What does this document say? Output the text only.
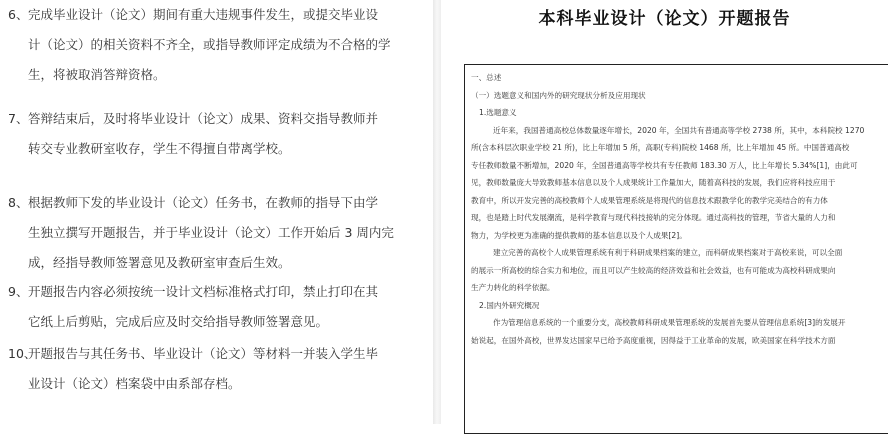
6、完成毕业设计（论文）期间有重大违规事件发生，或提交毕业设
计（论文）的相关资料不齐全，或指导教师评定成绩为不合格的学
生，将被取消答辩资格。
7、答辩结束后，及时将毕业设计（论文）成果、资料交指导教师并
转交专业教研室收存，学生不得擅自带离学校。
8、根据教师下发的毕业设计（论文）任务书，在教师的指导下由学
生独立撰写开题报告，并于毕业设计（论文）工作开始后 3 周内完
成，经指导教师签署意见及教研室审查后生效。
9、开题报告内容必须按统一设计文档标准格式打印，禁止打印在其
它纸上后剪贴，完成后应及时交给指导教师签署意见。
10、开题报告与其任务书、毕业设计（论文）等材料一并装入学生毕
业设计（论文）档案袋中由系部存档。
本科毕业设计（论文）开题报告
一、总述
（一）选题意义和国内外的研究现状分析及应用现状
1.选题意义
近年来，我国普通高校总体数量逐年增长，2020 年，全国共有普通高等学校 2738 所，其中，本科院校 1270
所(含本科层次职业学校 21 所)，比上年增加 5 所，高职(专科)院校 1468 所，比上年增加 45 所。中国普通高校
专任教师数量不断增加，2020 年，全国普通高等学校共有专任教师 183.30 万人，比上年增长 5.34%[1]，由此可
见，教师数量庞大导致教师基本信息以及个人成果统计工作量加大，随着高科技的发展，我们应将科技应用于
教育中，所以开发完善的高校教师个人成果管理系统是将现代的信息技术跟教学化的教学完美结合的有力体
现，也是踏上时代发展潮流，是科学教育与现代科技接轨的完分体现。通过高科技的管理，节省大量的人力和
物力，为学校更为准确的提供教师的基本信息以及个人成果[2]。
建立完善的高校个人成果管理系统有利于科研成果档案的建立，而科研成果档案对于高校来说，可以全面
的展示一所高校的综合实力和地位，而且可以产生较高的经济效益和社会效益，也有可能成为高校科研成果向
生产力转化的科学依据。
2.国内外研究概况
作为管理信息系统的一个重要分支，高校教师科研成果管理系统的发展首先要从管理信息系统[3]的发展开
始说起，在国外高校，世界发达国家早已给予高度重视，因得益于工业革命的发展，欧美国家在科学技术方面
